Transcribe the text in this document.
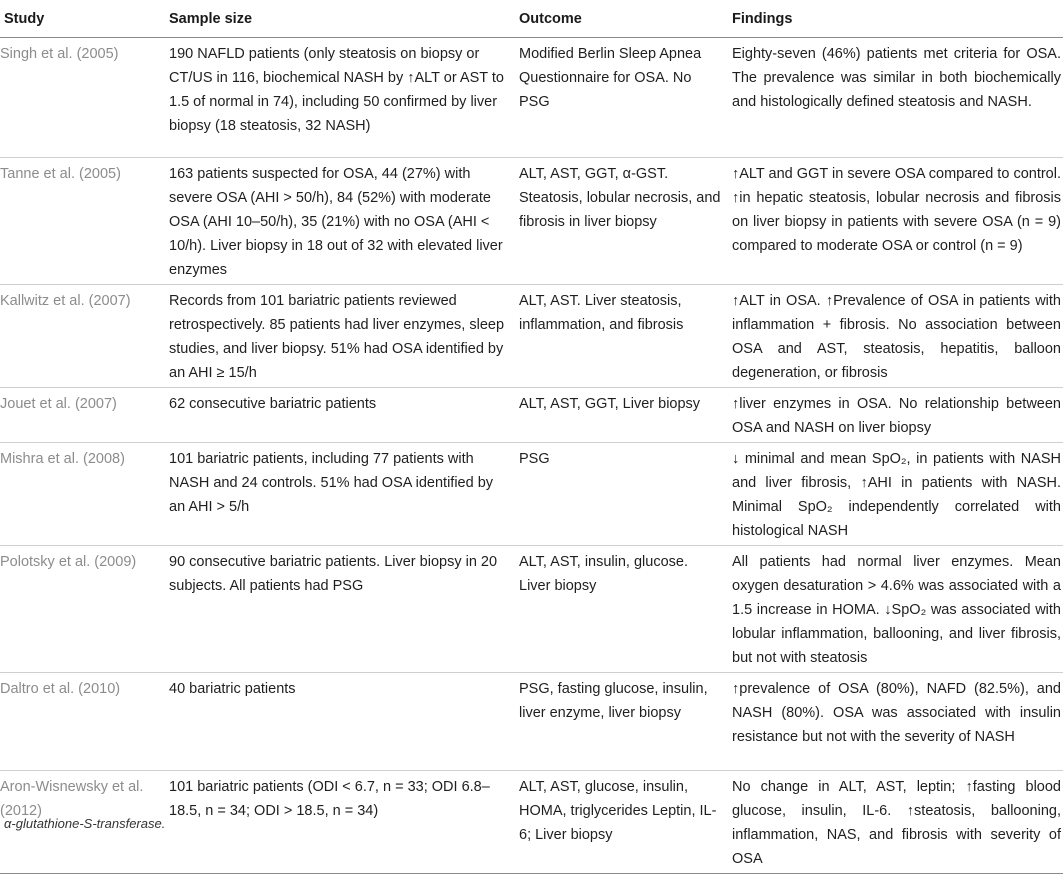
Study	Sample size	Outcome	Findings
Singh et al. (2005)	190 NAFLD patients (only steatosis on biopsy or CT/US in 116, biochemical NASH by ↑ALT or AST to 1.5 of normal in 74), including 50 confirmed by liver biopsy (18 steatosis, 32 NASH)	Modified Berlin Sleep Apnea Questionnaire for OSA. No PSG	Eighty-seven (46%) patients met criteria for OSA. The prevalence was similar in both biochemically and histologically defined steatosis and NASH.
Tanne et al. (2005)	163 patients suspected for OSA, 44 (27%) with severe OSA (AHI > 50/h), 84 (52%) with moderate OSA (AHI 10–50/h), 35 (21%) with no OSA (AHI < 10/h). Liver biopsy in 18 out of 32 with elevated liver enzymes	ALT, AST, GGT, α-GST. Steatosis, lobular necrosis, and fibrosis in liver biopsy	↑ALT and GGT in severe OSA compared to control. ↑in hepatic steatosis, lobular necrosis and fibrosis on liver biopsy in patients with severe OSA (n = 9) compared to moderate OSA or control (n = 9)
Kallwitz et al. (2007)	Records from 101 bariatric patients reviewed retrospectively. 85 patients had liver enzymes, sleep studies, and liver biopsy. 51% had OSA identified by an AHI ≥ 15/h	ALT, AST. Liver steatosis, inflammation, and fibrosis	↑ALT in OSA. ↑Prevalence of OSA in patients with inflammation + fibrosis. No association between OSA and AST, steatosis, hepatitis, balloon degeneration, or fibrosis
Jouet et al. (2007)	62 consecutive bariatric patients	ALT, AST, GGT, Liver biopsy	↑liver enzymes in OSA. No relationship between OSA and NASH on liver biopsy
Mishra et al. (2008)	101 bariatric patients, including 77 patients with NASH and 24 controls. 51% had OSA identified by an AHI > 5/h	PSG	↓ minimal and mean SpO₂, in patients with NASH and liver fibrosis, ↑AHI in patients with NASH. Minimal SpO₂ independently correlated with histological NASH
Polotsky et al. (2009)	90 consecutive bariatric patients. Liver biopsy in 20 subjects. All patients had PSG	ALT, AST, insulin, glucose. Liver biopsy	All patients had normal liver enzymes. Mean oxygen desaturation > 4.6% was associated with a 1.5 increase in HOMA. ↓SpO₂ was associated with lobular inflammation, ballooning, and liver fibrosis, but not with steatosis
Daltro et al. (2010)	40 bariatric patients	PSG, fasting glucose, insulin, liver enzyme, liver biopsy	↑prevalence of OSA (80%), NAFD (82.5%), and NASH (80%). OSA was associated with insulin resistance but not with the severity of NASH
Aron-Wisnewsky et al. (2012)	101 bariatric patients (ODI < 6.7, n = 33; ODI 6.8–18.5, n = 34; ODI > 18.5, n = 34)	ALT, AST, glucose, insulin, HOMA, triglycerides Leptin, IL-6; Liver biopsy	No change in ALT, AST, leptin; ↑fasting blood glucose, insulin, IL-6. ↑steatosis, ballooning, inflammation, NAS, and fibrosis with severity of OSA
α-glutathione-S-transferase.
